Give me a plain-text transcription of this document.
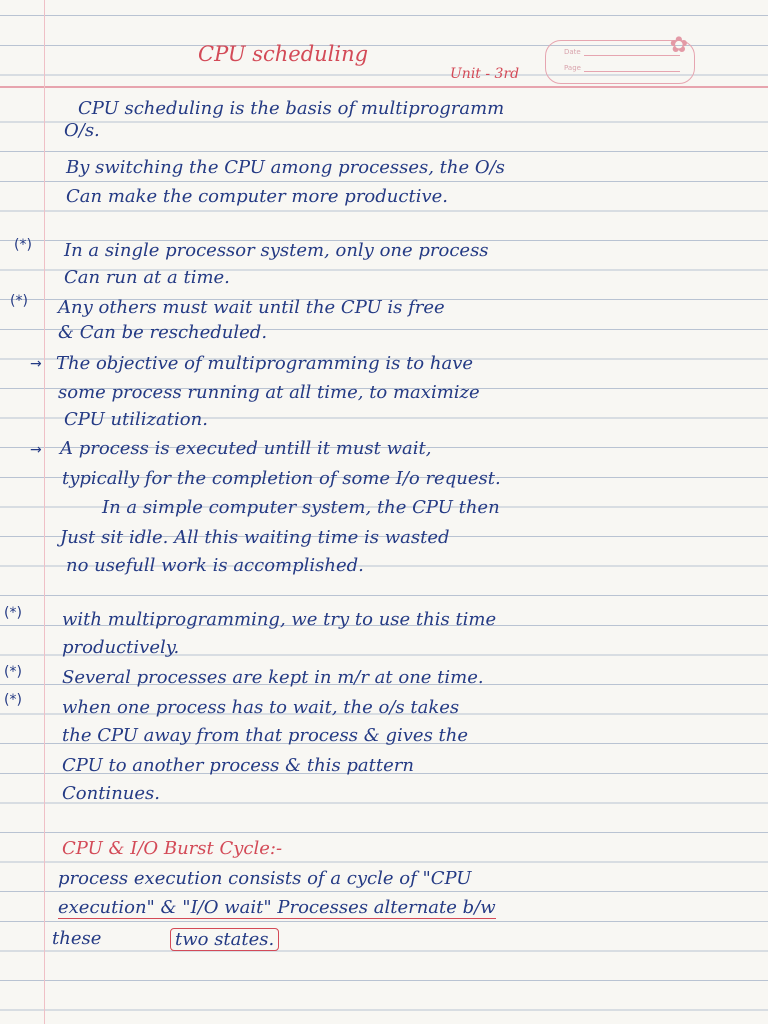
Date
Page
✿
CPU scheduling
Unit - 3rd
CPU scheduling is the basis of multiprogramm
O/s.
By switching the CPU among processes, the O/s
Can make the computer more productive.
(*) In a single processor system, only one process
Can run at a time.
(*) Any others must wait until the CPU is free
& Can be rescheduled.
→ The objective of multiprogramming is to have
some process running at all time, to maximize
CPU utilization.
→ A process is executed untill it must wait,
typically for the completion of some I/o request.
In a simple computer system, the CPU then
Just sit idle. All this waiting time is wasted
no usefull work is accomplished.
(*) with multiprogramming, we try to use this time
productively.
(*) Several processes are kept in m/r at one time.
(*) when one process has to wait, the o/s takes
the CPU away from that process & gives the
CPU to another process & this pattern
Continues.
CPU & I/O Burst Cycle:-
process execution consists of a cycle of "CPU
execution" & "I/O wait" Processes alternate b/w
these	two states.
